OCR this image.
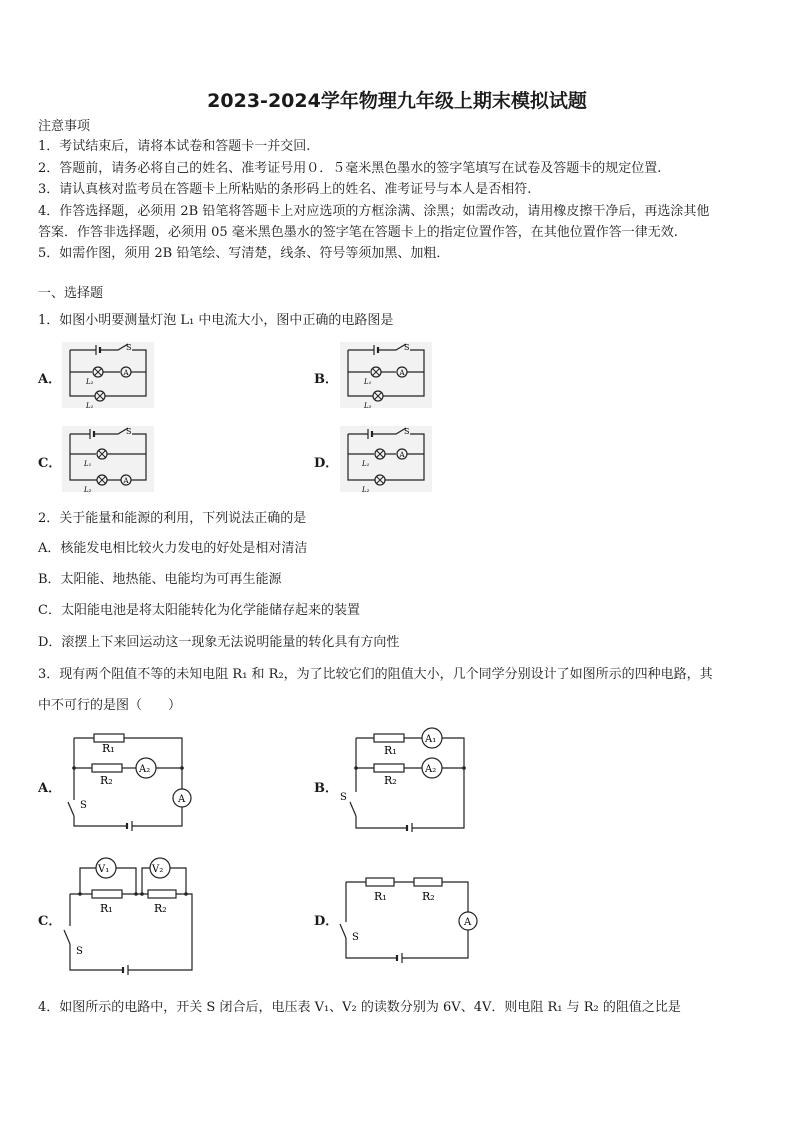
2023-2024学年物理九年级上期末模拟试题
注意事项
1．考试结束后，请将本试卷和答题卡一并交回.
2．答题前，请务必将自己的姓名、准考证号用０．５毫米黑色墨水的签字笔填写在试卷及答题卡的规定位置.
3．请认真核对监考员在答题卡上所粘贴的条形码上的姓名、准考证号与本人是否相符.
4．作答选择题，必须用 2B 铅笔将答题卡上对应选项的方框涂满、涂黑；如需改动，请用橡皮擦干净后，再选涂其他
答案．作答非选择题，必须用 05 毫米黑色墨水的签字笔在答题卡上的指定位置作答，在其他位置作答一律无效.
5．如需作图，须用 2B 铅笔绘、写清楚，线条、符号等须加黑、加粗．
一、选择题
1．如图小明要测量灯泡 L₁ 中电流大小，图中正确的电路图是
A．
S
A
L₂
L₁
B．
S
A
L₁
L₂
C．
S
L₁
A
L₂
D．
S
A
L₁
L₂
2．关于能量和能源的利用，下列说法正确的是
A．核能发电相比较火力发电的好处是相对清洁
B．太阳能、地热能、电能均为可再生能源
C．太阳能电池是将太阳能转化为化学能储存起来的装置
D．滚摆上下来回运动这一现象无法说明能量的转化具有方向性
3．现有两个阻值不等的未知电阻 R₁ 和 R₂，为了比较它们的阻值大小，几个同学分别设计了如图所示的四种电路，其
中不可行的是图（　　）
A．
R₁
A₂
R₂
A
S
B．
A₁
R₁
A₂
R₂
S
C．
V₁	V₂
R₁	R₂
S
D．
R₁	R₂
A
S
4．如图所示的电路中，开关 S 闭合后，电压表 V₁、V₂ 的读数分别为 6V、4V．则电阻 R₁ 与 R₂ 的阻值之比是
